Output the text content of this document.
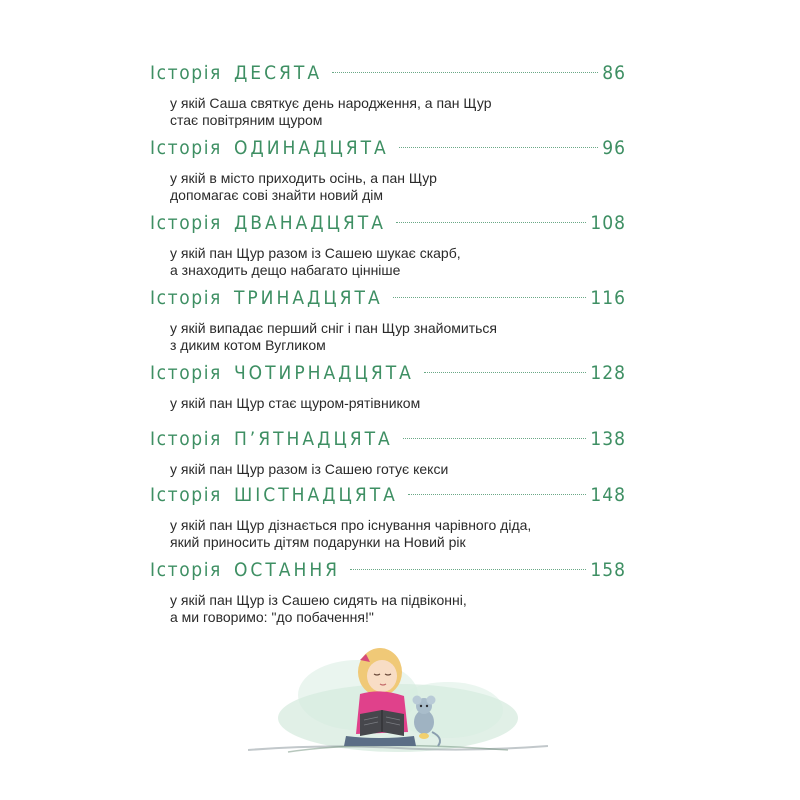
Історія ДЕСЯТА	86
у якій Саша святкує день народження, а пан Щур
стає повітряним щуром
Історія ОДИНАДЦЯТА	96
у якій в місто приходить осінь, а пан Щур
допомагає сові знайти новий дім
Історія ДВАНАДЦЯТА	108
у якій пан Щур разом із Сашею шукає скарб,
а знаходить дещо набагато цінніше
Історія ТРИНАДЦЯТА	116
у якій випадає перший сніг і пан Щур знайомиться
з диким котом Вугликом
Історія ЧОТИРНАДЦЯТА	128
у якій пан Щур стає щуром-рятівником
Історія П’ЯТНАДЦЯТА	138
у якій пан Щур разом із Сашею готує кекси
Історія ШІСТНАДЦЯТА	148
у якій пан Щур дізнається про існування чарівного діда,
який приносить дітям подарунки на Новий рік
Історія ОСТАННЯ	158
у якій пан Щур із Сашею сидять на підвіконні,
а ми говоримо: "до побачення!"
